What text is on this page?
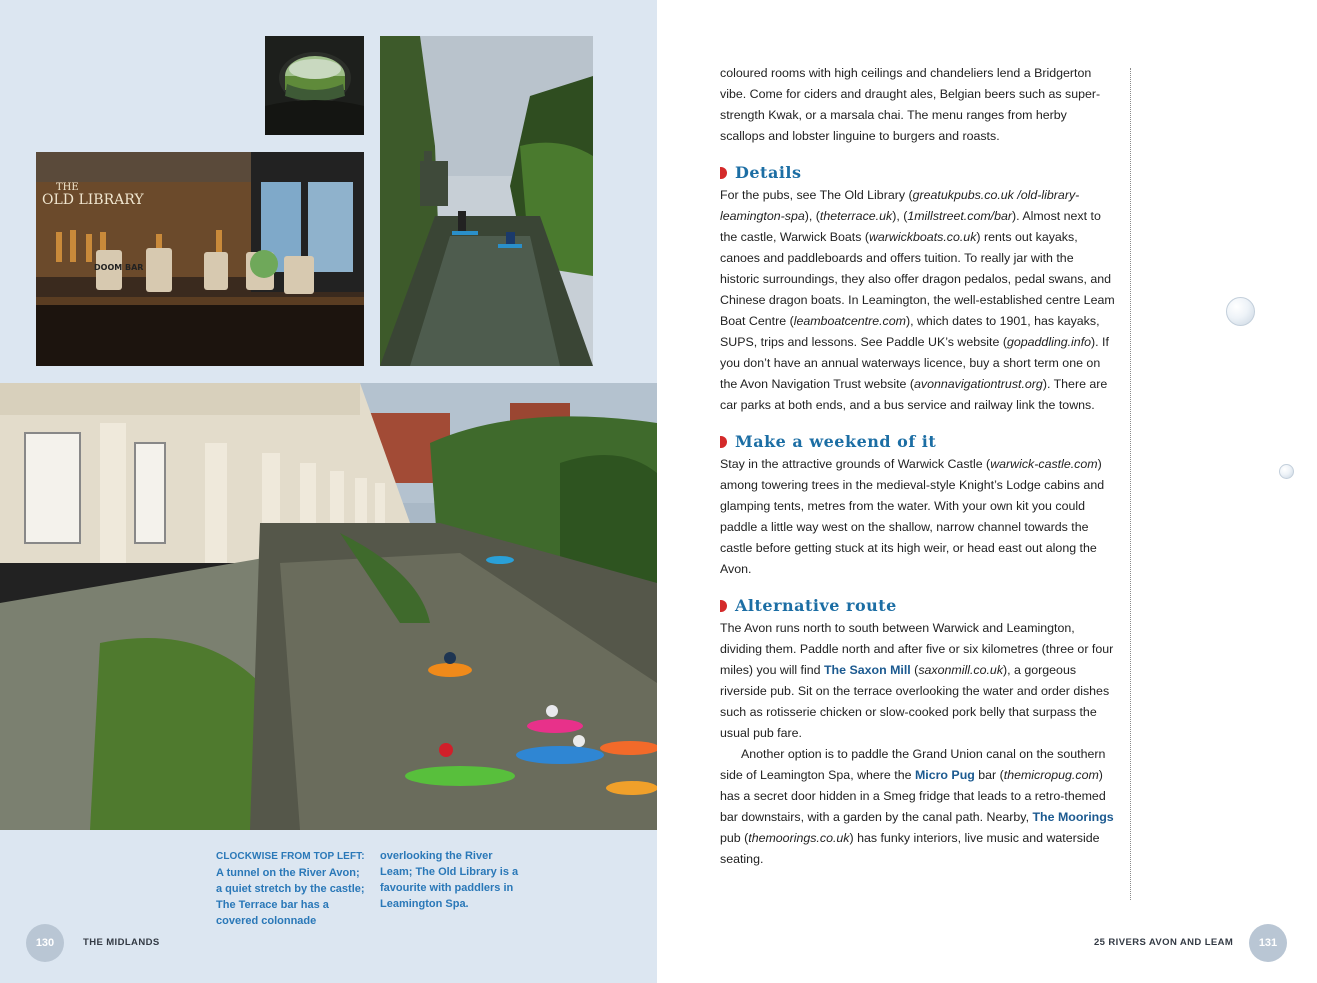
THE
OLD LIBRARY
DOOM BAR
CLOCKWISE FROM TOP LEFT: A tunnel on the River Avon; a quiet stretch by the castle; The Terrace bar has a covered colonnade
overlooking the River Leam; The Old Library is a favourite with paddlers in Leamington Spa.
130	THE MIDLANDS

coloured rooms with high ceilings and chandeliers lend a Bridgerton vibe. Come for ciders and draught ales, Belgian beers such as super-strength Kwak, or a marsala chai. The menu ranges from herby scallops and lobster linguine to burgers and roasts.

Details

For the pubs, see The Old Library (greatukpubs.co.uk /old-library-leamington-spa), (theterrace.uk), (1millstreet.com/bar). Almost next to the castle, Warwick Boats (warwickboats.co.uk) rents out kayaks, canoes and paddleboards and offers tuition. To really jar with the historic surroundings, they also offer dragon pedalos, pedal swans, and Chinese dragon boats. In Leamington, the well-established centre Leam Boat Centre (leamboatcentre.com), which dates to 1901, has kayaks, SUPS, trips and lessons. See Paddle UK’s website (gopaddling.info). If you don’t have an annual waterways licence, buy a short term one on the Avon Navigation Trust website (avonnavigationtrust.org). There are car parks at both ends, and a bus service and railway link the towns.

Make a weekend of it

Stay in the attractive grounds of Warwick Castle (warwick-castle.com) among towering trees in the medieval-style Knight’s Lodge cabins and glamping tents, metres from the water. With your own kit you could paddle a little way west on the shallow, narrow channel towards the castle before getting stuck at its high weir, or head east out along the Avon.

Alternative route

The Avon runs north to south between Warwick and Leamington, dividing them. Paddle north and after five or six kilometres (three or four miles) you will find The Saxon Mill (saxonmill.co.uk), a gorgeous riverside pub. Sit on the terrace overlooking the water and order dishes such as rotisserie chicken or slow-cooked pork belly that surpass the usual pub fare.

Another option is to paddle the Grand Union canal on the southern side of Leamington Spa, where the Micro Pug bar (themicropug.com) has a secret door hidden in a Smeg fridge that leads to a retro-themed bar downstairs, with a garden by the canal path. Nearby, The Moorings pub (themoorings.co.uk) has funky interiors, live music and waterside seating.

25 RIVERS AVON AND LEAM 131
